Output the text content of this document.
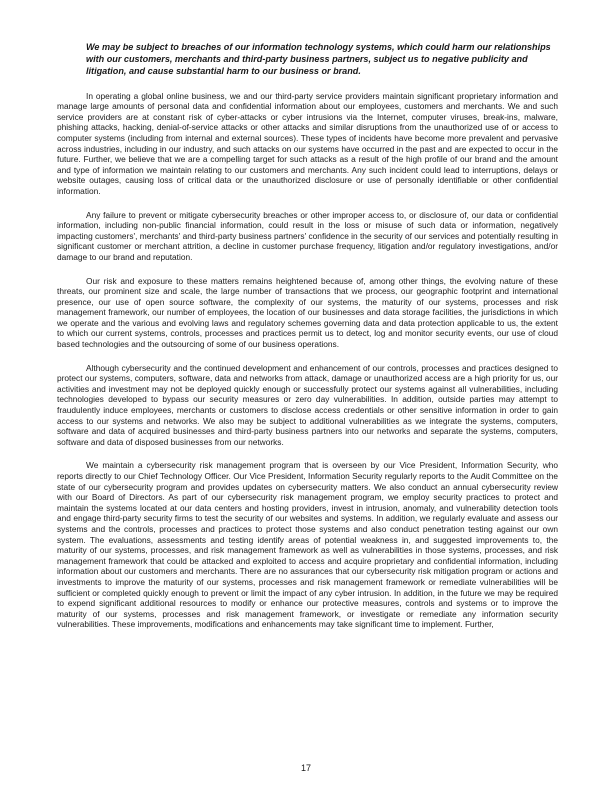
We may be subject to breaches of our information technology systems, which could harm our relationships with our customers, merchants and third-party business partners, subject us to negative publicity and litigation, and cause substantial harm to our business or brand.

In operating a global online business, we and our third-party service providers maintain significant proprietary information and manage large amounts of personal data and confidential information about our employees, customers and merchants. We and such service providers are at constant risk of cyber-attacks or cyber intrusions via the Internet, computer viruses, break-ins, malware, phishing attacks, hacking, denial-of-service attacks or other attacks and similar disruptions from the unauthorized use of or access to computer systems (including from internal and external sources). These types of incidents have become more prevalent and pervasive across industries, including in our industry, and such attacks on our systems have occurred in the past and are expected to occur in the future. Further, we believe that we are a compelling target for such attacks as a result of the high profile of our brand and the amount and type of information we maintain relating to our customers and merchants. Any such incident could lead to interruptions, delays or website outages, causing loss of critical data or the unauthorized disclosure or use of personally identifiable or other confidential information.

Any failure to prevent or mitigate cybersecurity breaches or other improper access to, or disclosure of, our data or confidential information, including non-public financial information, could result in the loss or misuse of such data or information, negatively impacting customers', merchants' and third-party business partners' confidence in the security of our services and potentially resulting in significant customer or merchant attrition, a decline in customer purchase frequency, litigation and/or regulatory investigations, and/or damage to our brand and reputation.

Our risk and exposure to these matters remains heightened because of, among other things, the evolving nature of these threats, our prominent size and scale, the large number of transactions that we process, our geographic footprint and international presence, our use of open source software, the complexity of our systems, the maturity of our systems, processes and risk management framework, our number of employees, the location of our businesses and data storage facilities, the jurisdictions in which we operate and the various and evolving laws and regulatory schemes governing data and data protection applicable to us, the extent to which our current systems, controls, processes and practices permit us to detect, log and monitor security events, our use of cloud based technologies and the outsourcing of some of our business operations.

Although cybersecurity and the continued development and enhancement of our controls, processes and practices designed to protect our systems, computers, software, data and networks from attack, damage or unauthorized access are a high priority for us, our activities and investment may not be deployed quickly enough or successfully protect our systems against all vulnerabilities, including technologies developed to bypass our security measures or zero day vulnerabilities. In addition, outside parties may attempt to fraudulently induce employees, merchants or customers to disclose access credentials or other sensitive information in order to gain access to our systems and networks. We also may be subject to additional vulnerabilities as we integrate the systems, computers, software and data of acquired businesses and third-party business partners into our networks and separate the systems, computers, software and data of disposed businesses from our networks.

We maintain a cybersecurity risk management program that is overseen by our Vice President, Information Security, who reports directly to our Chief Technology Officer. Our Vice President, Information Security regularly reports to the Audit Committee on the state of our cybersecurity program and provides updates on cybersecurity matters. We also conduct an annual cybersecurity review with our Board of Directors. As part of our cybersecurity risk management program, we employ security practices to protect and maintain the systems located at our data centers and hosting providers, invest in intrusion, anomaly, and vulnerability detection tools and engage third-party security firms to test the security of our websites and systems. In addition, we regularly evaluate and assess our systems and the controls, processes and practices to protect those systems and also conduct penetration testing against our own system. The evaluations, assessments and testing identify areas of potential weakness in, and suggested improvements to, the maturity of our systems, processes, and risk management framework as well as vulnerabilities in those systems, processes, and risk management framework that could be attacked and exploited to access and acquire proprietary and confidential information, including information about our customers and merchants. There are no assurances that our cybersecurity risk mitigation program or actions and investments to improve the maturity of our systems, processes and risk management framework or remediate vulnerabilities will be sufficient or completed quickly enough to prevent or limit the impact of any cyber intrusion. In addition, in the future we may be required to expend significant additional resources to modify or enhance our protective measures, controls and systems or to improve the maturity of our systems, processes and risk management framework, or investigate or remediate any information security vulnerabilities. These improvements, modifications and enhancements may take significant time to implement. Further,

17
